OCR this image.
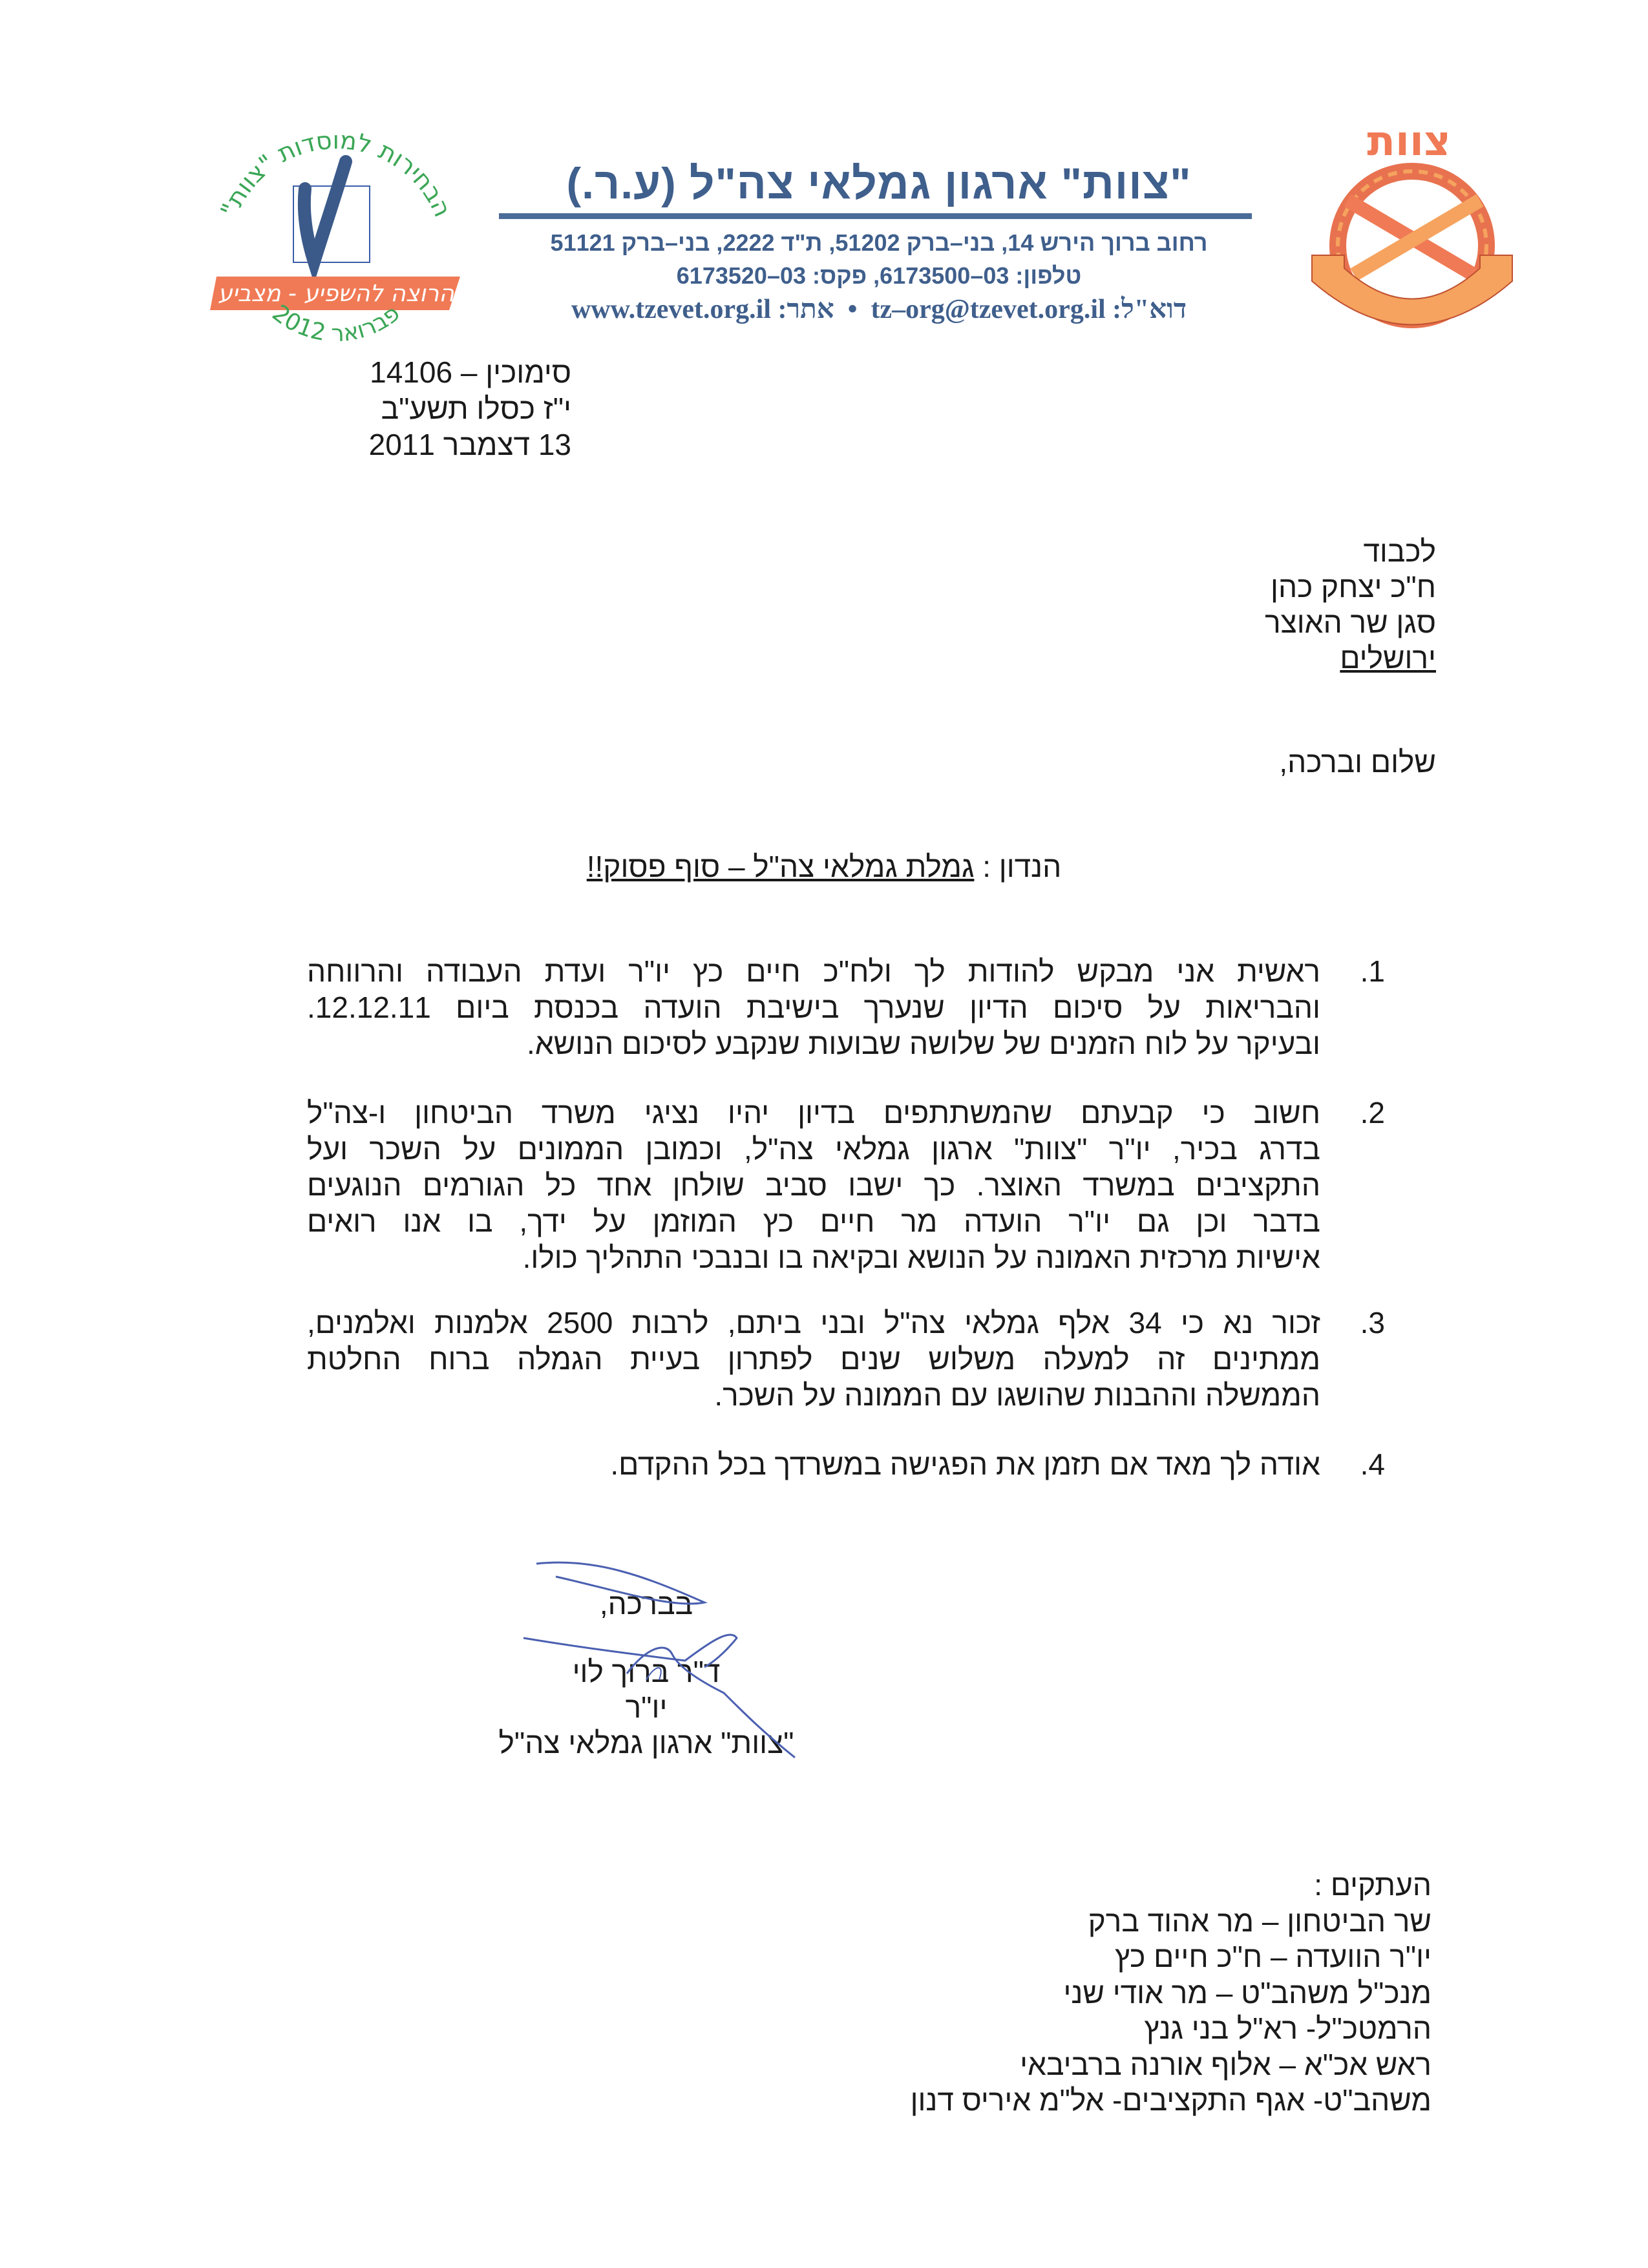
הבחירות למוסדות "צוות"
הרוצה להשפיע - מצביע
פברואר 2012
"צוות" ארגון גמלאי צה"ל (ע.ר.)
רחוב ברוך הירש 14, בני–ברק 51202, ת"ד 2222, בני–ברק 51121
טלפון: 03–6173500, פקס: 03–6173520
דוא"ל: tz–org@tzevet.org.il  •  אתר: www.tzevet.org.il
צוות
סימוכין – 14106
י"ז כסלו תשע"ב
13 דצמבר 2011
לכבוד
ח"כ יצחק כהן
סגן שר האוצר
ירושלים
שלום וברכה,
הנדון : גמלת גמלאי צה"ל – סוף פסוק!!
1.
ראשית אני מבקש להודות לך ולח"כ חיים כץ יו"ר ועדת העבודה והרווחה
והבריאות על סיכום הדיון שנערך בישיבת הועדה בכנסת ביום 12.12.11.
ובעיקר על לוח הזמנים של שלושה שבועות שנקבע לסיכום הנושא.
2.
חשוב כי קבעתם שהמשתתפים בדיון יהיו נציגי משרד הביטחון ו-צה"ל
בדרג בכיר, יו"ר "צוות" ארגון גמלאי צה"ל, וכמובן הממונים על השכר ועל
התקציבים במשרד האוצר. כך ישבו סביב שולחן אחד כל הגורמים הנוגעים
בדבר וכן גם יו"ר הועדה מר חיים כץ המוזמן על ידך, בו אנו רואים
אישיות מרכזית האמונה על הנושא ובקיאה בו ובנבכי התהליך כולו.
3.
זכור נא כי 34 אלף גמלאי צה"ל ובני ביתם, לרבות 2500 אלמנות ואלמנים,
ממתינים זה למעלה משלוש שנים לפתרון בעיית הגמלה ברוח החלטת
הממשלה וההבנות שהושגו עם הממונה על השכר.
4.
אודה לך מאד אם תזמן את הפגישה במשרדך בכל ההקדם.
בברכה,
ד"ר ברוך לוי
יו"ר
"צוות" ארגון גמלאי צה"ל
העתקים :
שר הביטחון – מר אהוד ברק
יו"ר הוועדה – ח"כ חיים כץ
מנכ"ל משהב"ט – מר אודי שני
הרמטכ"ל- רא"ל בני גנץ
ראש אכ"א – אלוף אורנה ברביבאי
משהב"ט- אגף התקציבים- אל"מ איריס דנון
